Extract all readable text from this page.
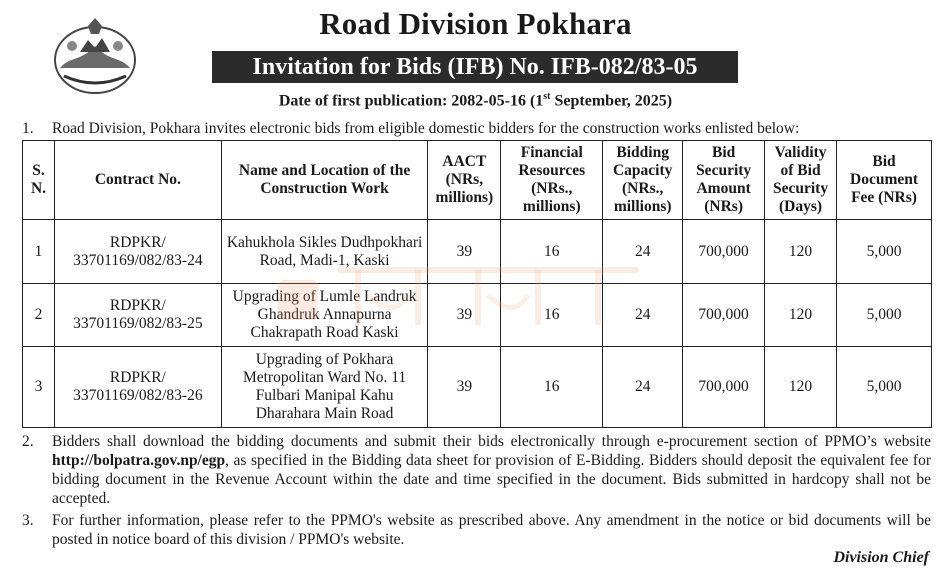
Road Division Pokhara
Invitation for Bids (IFB) No. IFB-082/83-05
Date of first publication: 2082-05-16 (1st September, 2025)
1. Road Division, Pokhara invites electronic bids from eligible domestic bidders for the construction works enlisted below:
S. N.	Contract No.	Name and Location of the Construction Work	AACT (NRs, millions)	Financial Resources (NRs., millions)	Bidding Capacity (NRs., millions)	Bid Security Amount (NRs)	Validity of Bid Security (Days)	Bid Document Fee (NRs)
1	RDPKR/ 33701169/082/83-24	Kahukhola Sikles Dudhpokhari Road, Madi-1, Kaski	39	16	24	700,000	120	5,000
2	RDPKR/ 33701169/082/83-25	Upgrading of Lumle Landruk Ghandruk Annapurna Chakrapath Road Kaski	39	16	24	700,000	120	5,000
3	RDPKR/ 33701169/082/83-26	Upgrading of Pokhara Metropolitan Ward No. 11 Fulbari Manipal Kahu Dharahara Main Road	39	16	24	700,000	120	5,000
2. Bidders shall download the bidding documents and submit their bids electronically through e-procurement section of PPMO’s website http://bolpatra.gov.np/egp, as specified in the Bidding data sheet for provision of E-Bidding. Bidders should deposit the equivalent fee for bidding document in the Revenue Account within the date and time specified in the document. Bids submitted in hardcopy shall not be accepted.
3. For further information, please refer to the PPMO's website as prescribed above. Any amendment in the notice or bid documents will be posted in notice board of this division / PPMO's website.
Division Chief
